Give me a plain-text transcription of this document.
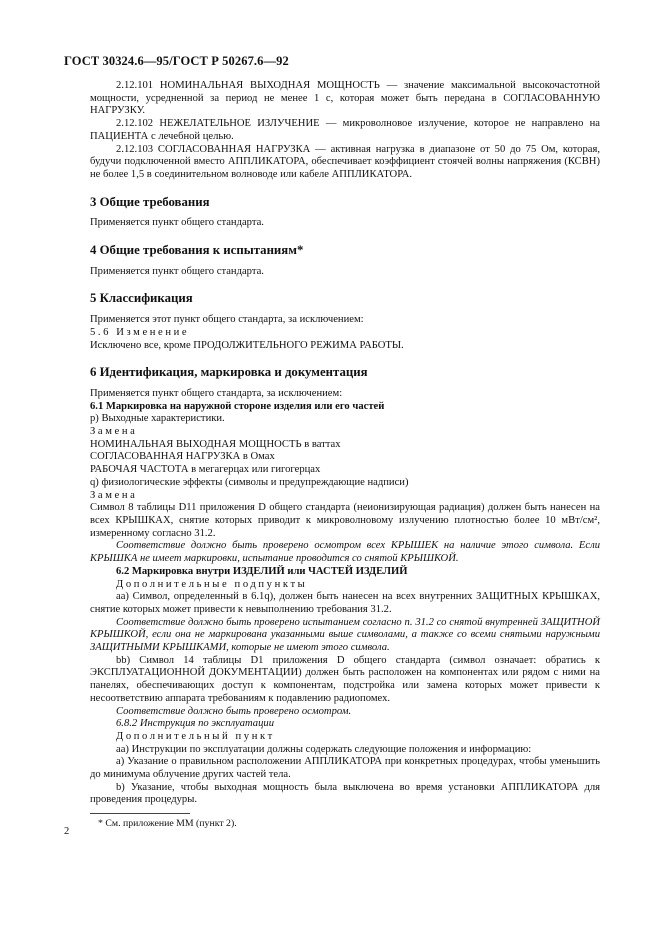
ГОСТ 30324.6—95/ГОСТ Р 50267.6—92

2.12.101 НОМИНАЛЬНАЯ ВЫХОДНАЯ МОЩНОСТЬ — значение максимальной высокочастотной мощности, усредненной за период не менее 1 с, которая может быть передана в СОГЛАСОВАННУЮ НАГРУЗКУ.

2.12.102 НЕЖЕЛАТЕЛЬНОЕ ИЗЛУЧЕНИЕ — микроволновое излучение, которое не направлено на ПАЦИЕНТА с лечебной целью.

2.12.103 СОГЛАСОВАННАЯ НАГРУЗКА — активная нагрузка в диапазоне от 50 до 75 Ом, которая, будучи подключенной вместо АППЛИКАТОРА, обеспечивает коэффициент стоячей волны напряжения (КСВН) не более 1,5 в соединительном волноводе или кабеле АППЛИКАТОРА.

3 Общие требования

Применяется пункт общего стандарта.

4 Общие требования к испытаниям*

Применяется пункт общего стандарта.

5 Классификация

Применяется этот пункт общего стандарта, за исключением:

5.6 Изменение

Исключено все, кроме ПРОДОЛЖИТЕЛЬНОГО РЕЖИМА РАБОТЫ.

6 Идентификация, маркировка и документация

Применяется пункт общего стандарта, за исключением:

6.1 Маркировка на наружной стороне изделия или его частей

p) Выходные характеристики.

Замена

НОМИНАЛЬНАЯ ВЫХОДНАЯ МОЩНОСТЬ в ваттах

СОГЛАСОВАННАЯ НАГРУЗКА в Омах

РАБОЧАЯ ЧАСТОТА в мегагерцах или гигогерцах

q) физиологические эффекты (символы и предупреждающие надписи)

Замена

Символ 8 таблицы D11 приложения D общего стандарта (неионизирующая радиация) должен быть нанесен на всех КРЫШКАХ, снятие которых приводит к микроволновому излучению плотностью более 10 мВт/см², измеренному согласно 31.2.

Соответствие должно быть проверено осмотром всех КРЫШЕК на наличие этого символа. Если КРЫШКА не имеет маркировки, испытание проводится со снятой КРЫШКОЙ.

6.2 Маркировка внутри ИЗДЕЛИЙ или ЧАСТЕЙ ИЗДЕЛИЙ

Дополнительные подпункты

аа) Символ, определенный в 6.1q), должен быть нанесен на всех внутренних ЗАЩИТНЫХ КРЫШКАХ, снятие которых может привести к невыполнению требования 31.2.

Соответствие должно быть проверено испытанием согласно п. 31.2 со снятой внутренней ЗАЩИТНОЙ КРЫШКОЙ, если она не маркирована указанными выше символами, а также со всеми снятыми наружными ЗАЩИТНЫМИ КРЫШКАМИ, которые не имеют этого символа.

bb) Символ 14 таблицы D1 приложения D общего стандарта (символ означает: обратись к ЭКСПЛУАТАЦИОННОЙ ДОКУМЕНТАЦИИ) должен быть расположен на компонентах или рядом с ними на панелях, обеспечивающих доступ к компонентам, подстройка или замена которых может привести к несоответствию аппарата требованиям к подавлению радиопомех.

Соответствие должно быть проверено осмотром.

6.8.2 Инструкция по эксплуатации

Дополнительный пункт

аа) Инструкции по эксплуатации должны содержать следующие положения и информацию:

а) Указание о правильном расположении АППЛИКАТОРА при конкретных процедурах, чтобы уменьшить до минимума облучение других частей тела.

b) Указание, чтобы выходная мощность была выключена во время установки АППЛИКАТОРА для проведения процедуры.

* См. приложение ММ (пункт 2).

2
